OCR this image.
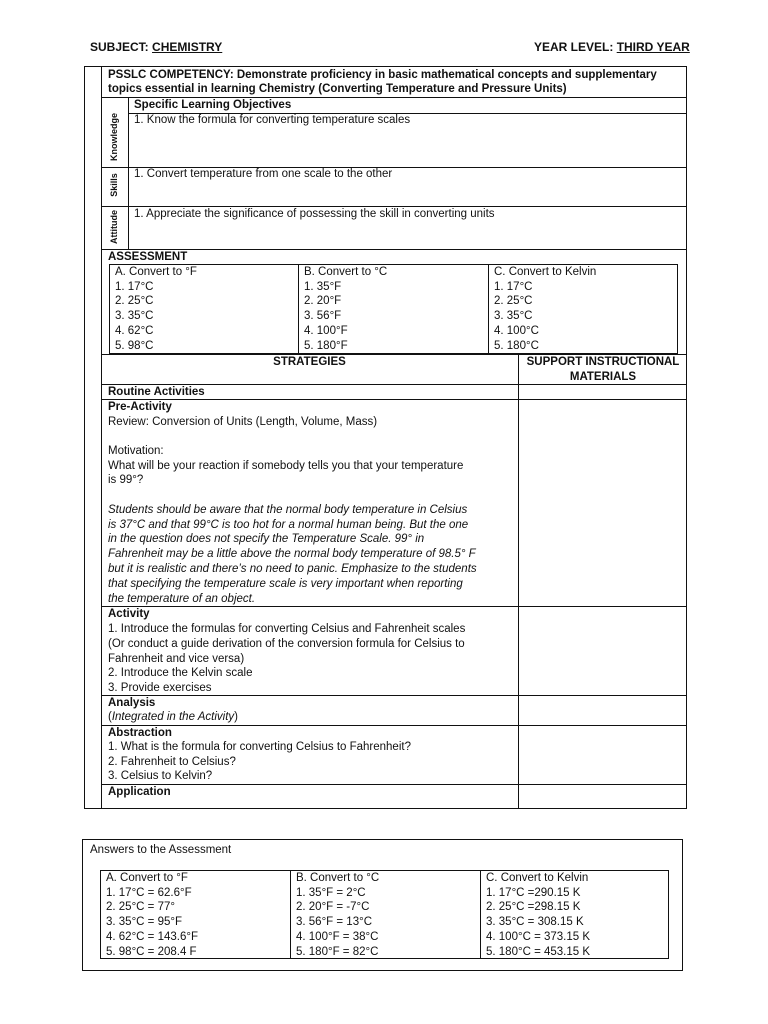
SUBJECT: CHEMISTRY	YEAR LEVEL: THIRD YEAR
PSSLC COMPETENCY: Demonstrate proficiency in basic mathematical concepts and supplementary
topics essential in learning Chemistry (Converting Temperature and Pressure Units)
Specific Learning Objectives
Knowledge 1. Know the formula for converting temperature scales
Skills 1. Convert temperature from one scale to the other
Attitude 1. Appreciate the significance of possessing the skill in converting units
ASSESSMENT
A. Convert to °F
1. 17°C
2. 25°C
3. 35°C
4. 62°C
5. 98°C
B. Convert to °C
1. 35°F
2. 20°F
3. 56°F
4. 100°F
5. 180°F
C. Convert to Kelvin
1. 17°C
2. 25°C
3. 35°C
4. 100°C
5. 180°C
STRATEGIES	SUPPORT INSTRUCTIONAL
MATERIALS
Routine Activities
Pre-Activity
Review: Conversion of Units (Length, Volume, Mass)
Motivation:
What will be your reaction if somebody tells you that your temperature
is 99°?
Students should be aware that the normal body temperature in Celsius
is 37°C and that 99°C is too hot for a normal human being. But the one
in the question does not specify the Temperature Scale. 99° in
Fahrenheit may be a little above the normal body temperature of 98.5° F
but it is realistic and there’s no need to panic. Emphasize to the students
that specifying the temperature scale is very important when reporting
the temperature of an object.
Activity
1. Introduce the formulas for converting Celsius and Fahrenheit scales
(Or conduct a guide derivation of the conversion formula for Celsius to
Fahrenheit and vice versa)
2. Introduce the Kelvin scale
3. Provide exercises
Analysis
(Integrated in the Activity)
Abstraction
1. What is the formula for converting Celsius to Fahrenheit?
2. Fahrenheit to Celsius?
3. Celsius to Kelvin?
Application
Answers to the Assessment
A. Convert to °F
1. 17°C = 62.6°F
2. 25°C = 77°
3. 35°C = 95°F
4. 62°C = 143.6°F
5. 98°C = 208.4 F
B. Convert to °C
1. 35°F = 2°C
2. 20°F = -7°C
3. 56°F = 13°C
4. 100°F = 38°C
5. 180°F = 82°C
C. Convert to Kelvin
1. 17°C =290.15 K
2. 25°C =298.15 K
3. 35°C = 308.15 K
4. 100°C = 373.15 K
5. 180°C = 453.15 K
